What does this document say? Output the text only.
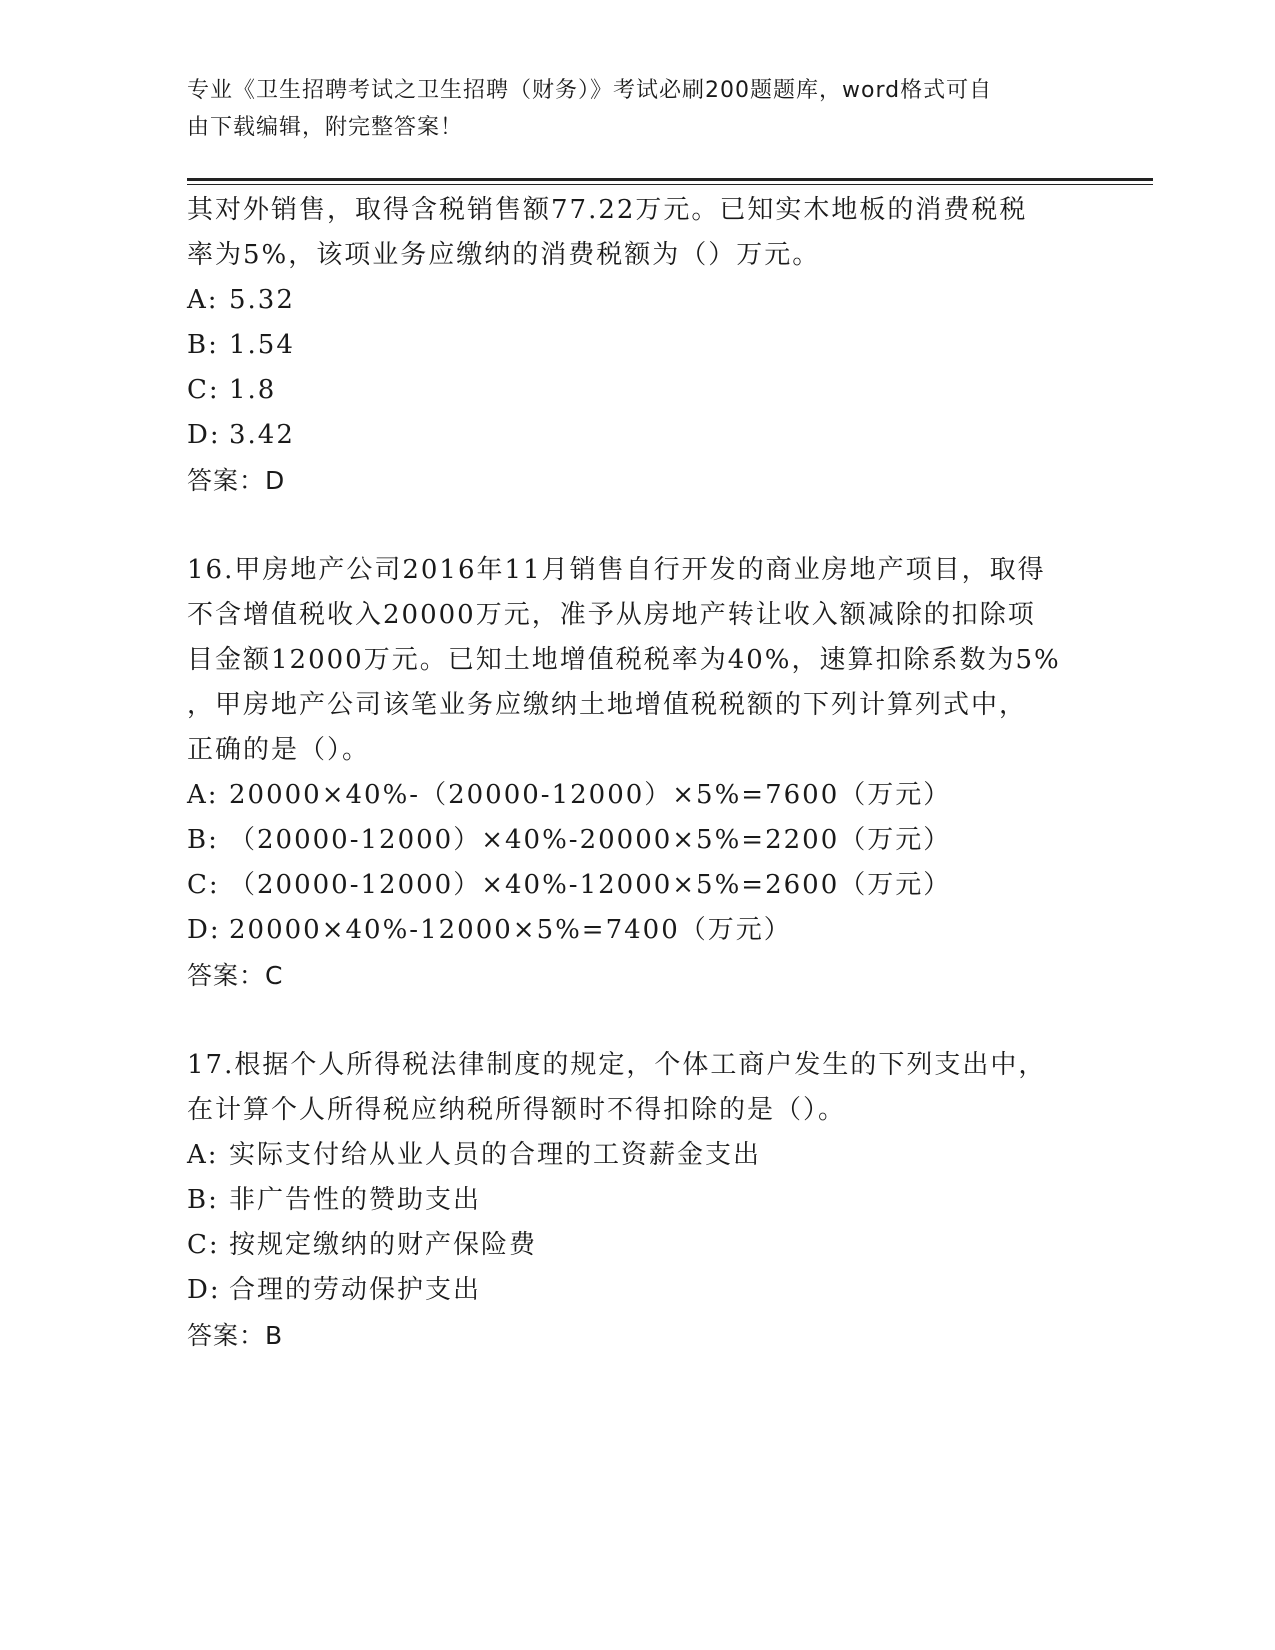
专业《卫生招聘考试之卫生招聘（财务）》考试必刷200题题库，word格式可自
由下载编辑，附完整答案！
其对外销售，取得含税销售额77.22万元。已知实木地板的消费税税
率为5%，该项业务应缴纳的消费税额为（）万元。
A: 5.32
B: 1.54
C: 1.8
D: 3.42
答案：D
16.甲房地产公司2016年11月销售自行开发的商业房地产项目，取得
不含增值税收入20000万元，准予从房地产转让收入额减除的扣除项
目金额12000万元。已知土地增值税税率为40%，速算扣除系数为5%
，甲房地产公司该笔业务应缴纳土地增值税税额的下列计算列式中，
正确的是（）。
A: 20000×40%-（20000-12000）×5%=7600（万元）
B: （20000-12000）×40%-20000×5%=2200（万元）
C: （20000-12000）×40%-12000×5%=2600（万元）
D: 20000×40%-12000×5%=7400（万元）
答案：C
17.根据个人所得税法律制度的规定，个体工商户发生的下列支出中，
在计算个人所得税应纳税所得额时不得扣除的是（）。
A: 实际支付给从业人员的合理的工资薪金支出
B: 非广告性的赞助支出
C: 按规定缴纳的财产保险费
D: 合理的劳动保护支出
答案：B
